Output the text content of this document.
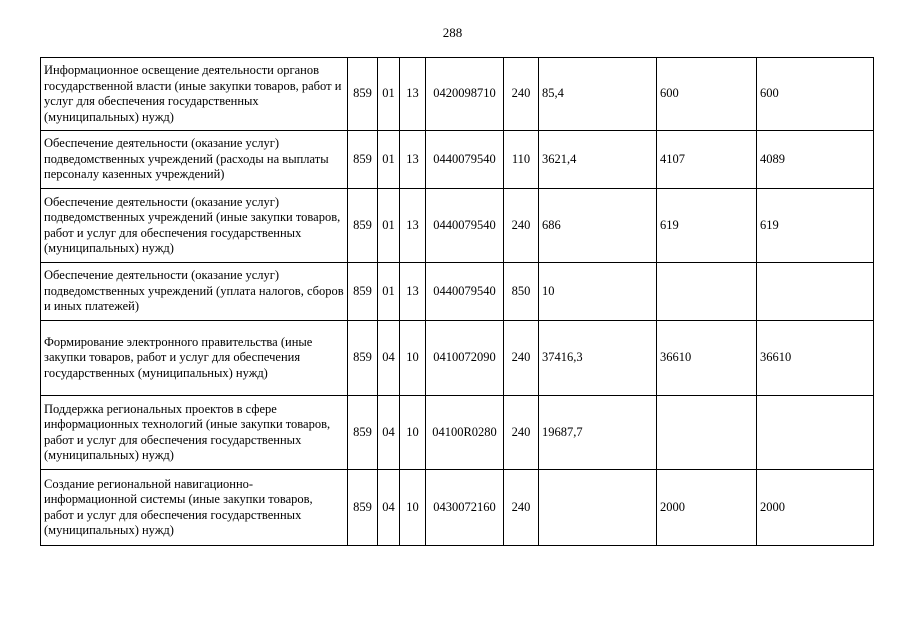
288
Информационное освещение деятельности органов государственной власти (иные закупки товаров, работ и услуг для обеспечения государственных (муниципальных) нужд)	859	01	13	0420098710	240	85,4	600	600
Обеспечение деятельности (оказание услуг) подведомственных учреждений (расходы на выплаты персоналу казенных учреждений)	859	01	13	0440079540	110	3621,4	4107	4089
Обеспечение деятельности (оказание услуг) подведомственных учреждений (иные закупки товаров, работ и услуг для обеспечения государственных (муниципальных) нужд)	859	01	13	0440079540	240	686	619	619
Обеспечение деятельности (оказание услуг) подведомственных учреждений (уплата налогов, сборов и иных платежей)	859	01	13	0440079540	850	10		
Формирование электронного правительства (иные закупки товаров, работ и услуг для обеспечения государственных (муниципальных) нужд)	859	04	10	0410072090	240	37416,3	36610	36610
Поддержка региональных проектов в сфере информационных технологий (иные закупки товаров, работ и услуг для обеспечения государственных (муниципальных) нужд)	859	04	10	04100R0280	240	19687,7		
Создание региональной навигационно-информационной системы (иные закупки товаров, работ и услуг для обеспечения государственных (муниципальных) нужд)	859	04	10	0430072160	240		2000	2000
